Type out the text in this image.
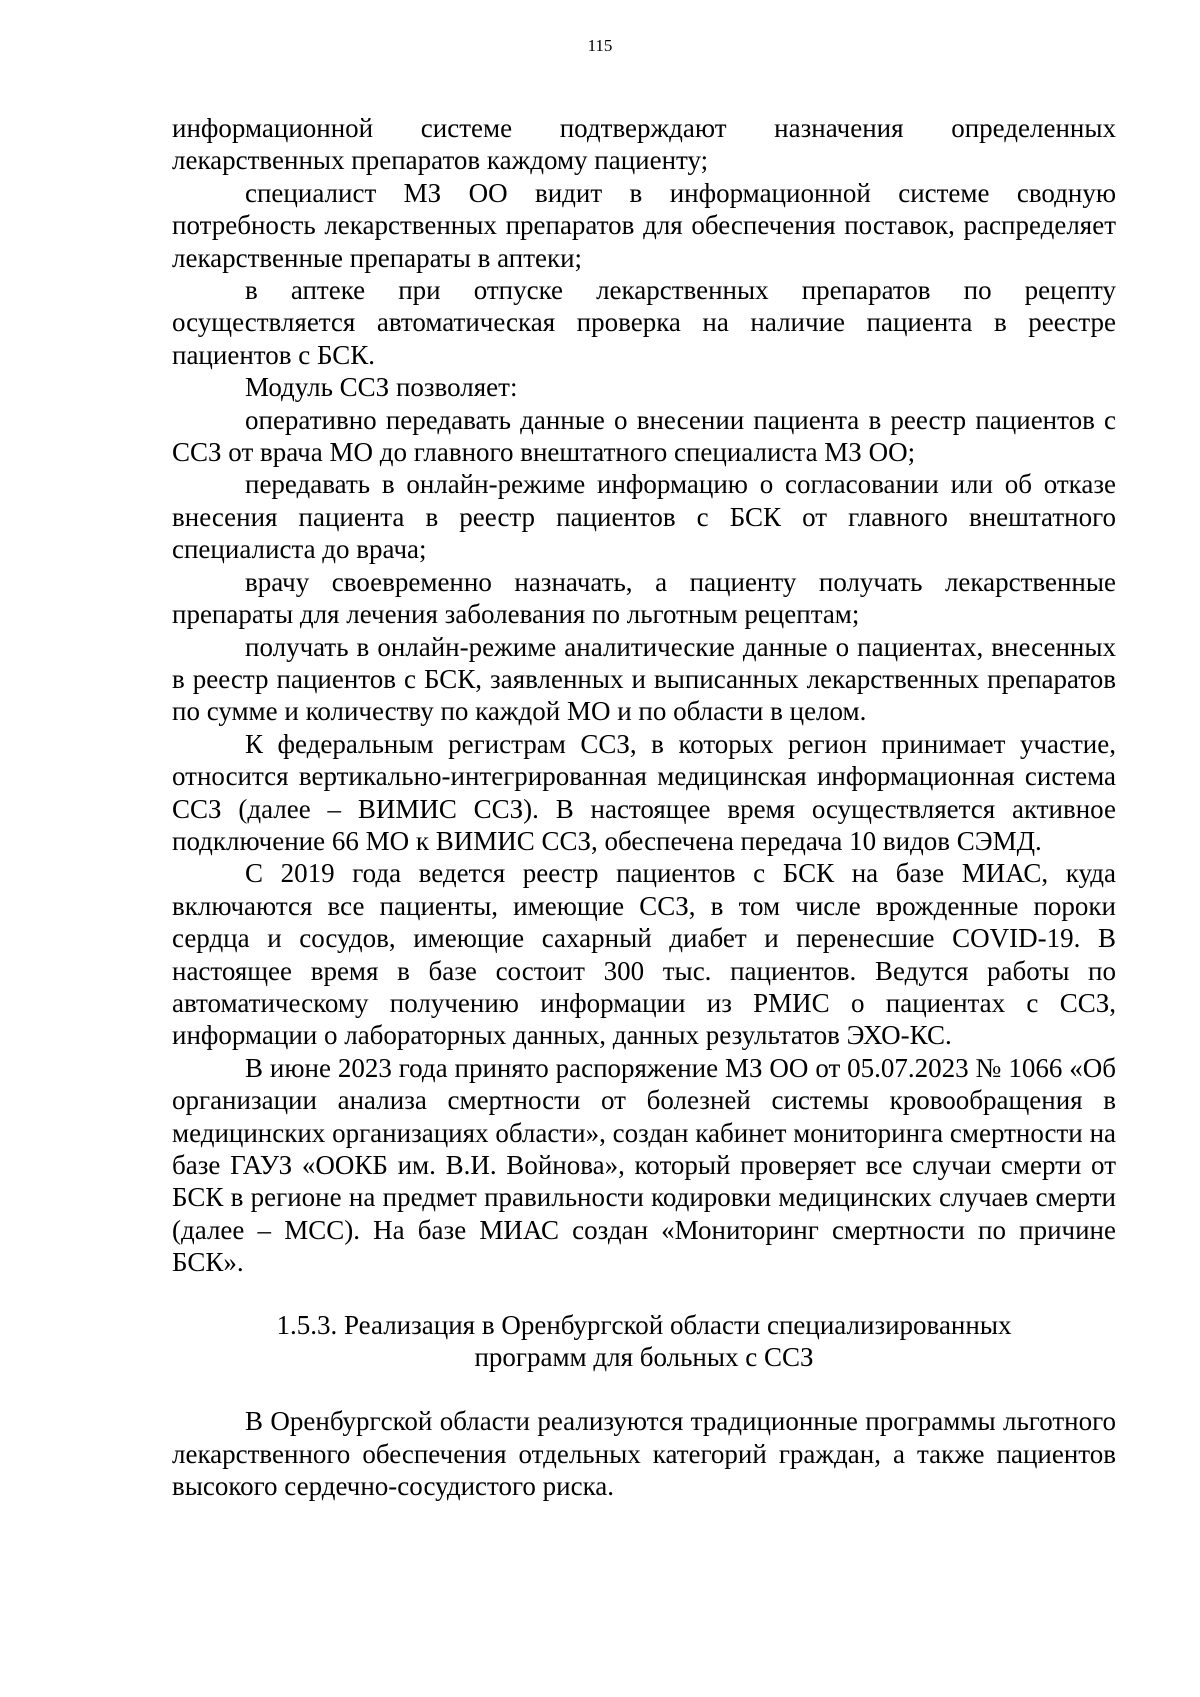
115

информационной системе подтверждают назначения определенных лекарственных препаратов каждому пациенту;

специалист МЗ ОО видит в информационной системе сводную потребность лекарственных препаратов для обеспечения поставок, распределяет лекарственные препараты в аптеки;

в аптеке при отпуске лекарственных препаратов по рецепту осуществляется автоматическая проверка на наличие пациента в реестре пациентов с БСК.

Модуль ССЗ позволяет:

оперативно передавать данные о внесении пациента в реестр пациентов с ССЗ от врача МО до главного внештатного специалиста МЗ ОО;

передавать в онлайн-режиме информацию о согласовании или об отказе внесения пациента в реестр пациентов с БСК от главного внештатного специалиста до врача;

врачу своевременно назначать, а пациенту получать лекарственные препараты для лечения заболевания по льготным рецептам;

получать в онлайн-режиме аналитические данные о пациентах, внесенных в реестр пациентов с БСК, заявленных и выписанных лекарственных препаратов по сумме и количеству по каждой МО и по области в целом.

К федеральным регистрам ССЗ, в которых регион принимает участие, относится вертикально-интегрированная медицинская информационная система ССЗ (далее – ВИМИС ССЗ). В настоящее время осуществляется активное подключение 66 МО к ВИМИС ССЗ, обеспечена передача 10 видов СЭМД.

С 2019 года ведется реестр пациентов с БСК на базе МИАС, куда включаются все пациенты, имеющие ССЗ, в том числе врожденные пороки сердца и сосудов, имеющие сахарный диабет и перенесшие COVID-19. В настоящее время в базе состоит 300 тыс. пациентов. Ведутся работы по автоматическому получению информации из РМИС о пациентах с ССЗ, информации о лабораторных данных, данных результатов ЭХО-КС.

В июне 2023 года принято распоряжение МЗ ОО от 05.07.2023 № 1066 «Об организации анализа смертности от болезней системы кровообращения в медицинских организациях области», создан кабинет мониторинга смертности на базе ГАУЗ «ООКБ им. В.И. Войнова», который проверяет все случаи смерти от БСК в регионе на предмет правильности кодировки медицинских случаев смерти (далее – МСС). На базе МИАС создан «Мониторинг смертности по причине БСК».

1.5.3. Реализация в Оренбургской области специализированных
программ для больных с ССЗ

В Оренбургской области реализуются традиционные программы льготного лекарственного обеспечения отдельных категорий граждан, а также пациентов высокого сердечно-сосудистого риска.
